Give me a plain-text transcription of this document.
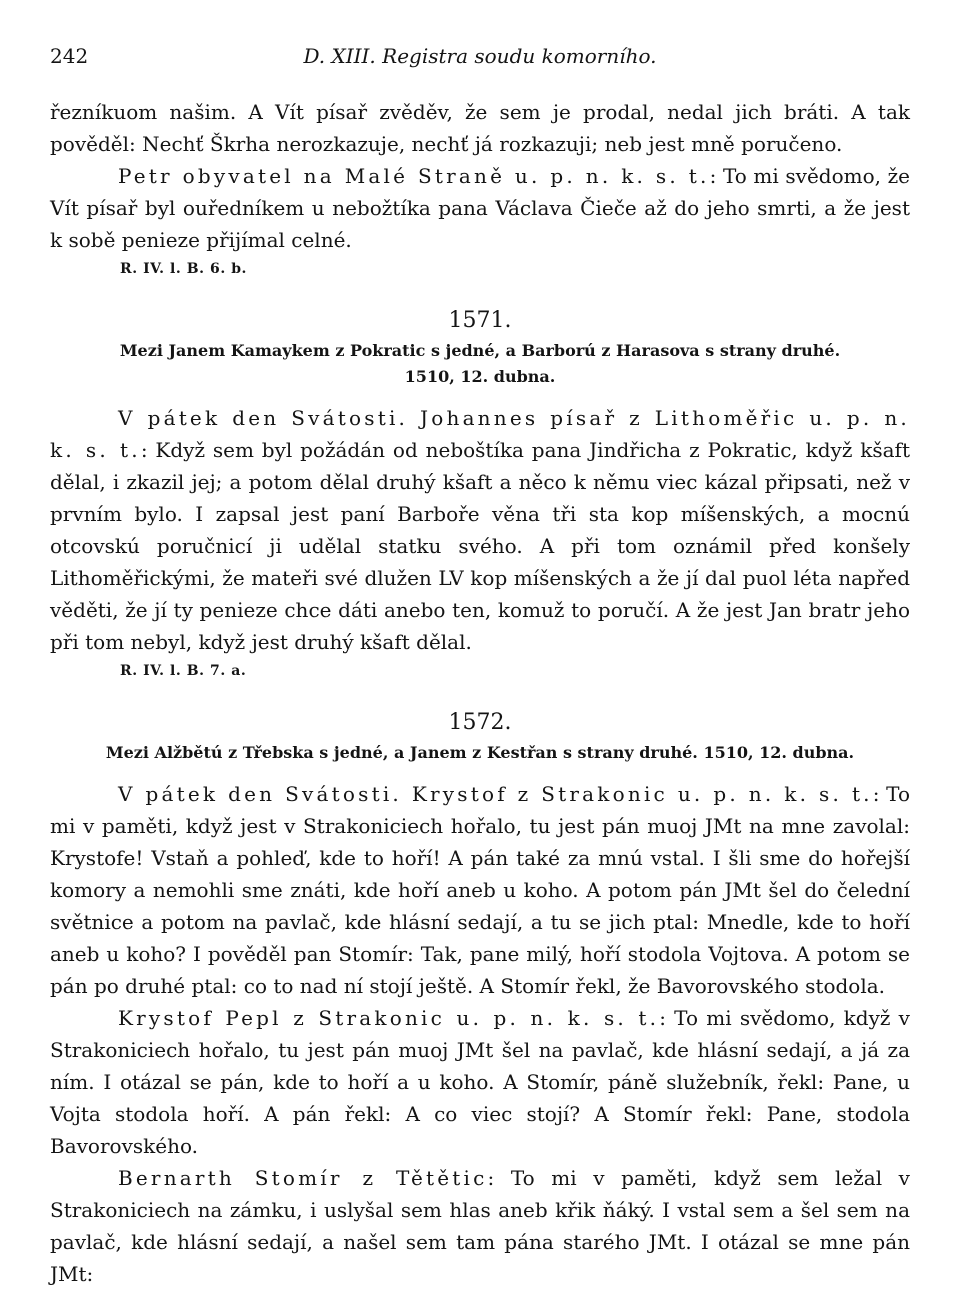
242	D. XIII. Registra soudu komorního.

řezníkuom našim. A Vít písař zvěděv, že sem je prodal, nedal jich bráti. A tak pověděl: Nechť Škrha nerozkazuje, nechť já rozkazuji; neb jest mně poručeno.

Petr obyvatel na Malé Straně u. p. n. k. s. t.: To mi svědomo, že Vít písař byl ouředníkem u nebožtíka pana Václava Čieče až do jeho smrti, a že jest k sobě penieze přijímal celné.

R. IV. l. B. 6. b.

1571.

Mezi Janem Kamaykem z Pokratic s jedné, a Barború z Harasova s strany druhé.

1510, 12. dubna.

V pátek den Svátosti. Johannes písař z Lithoměřic u. p. n. k. s. t.: Když sem byl požádán od neboštíka pana Jindřicha z Pokratic, když kšaft dělal, i zkazil jej; a potom dělal druhý kšaft a něco k němu viec kázal připsati, než v prvním bylo. I zapsal jest paní Barboře věna tři sta kop míšenských, a mocnú otcovskú poručnicí ji udělal statku svého. A při tom oznámil před konšely Lithoměřickými, že mateři své dlužen LV kop míšenských a že jí dal puol léta napřed věděti, že jí ty penieze chce dáti anebo ten, komuž to poručí. A že jest Jan bratr jeho při tom nebyl, když jest druhý kšaft dělal.

R. IV. l. B. 7. a.

1572.

Mezi Alžbětú z Třebska s jedné, a Janem z Kestřan s strany druhé. 1510, 12. dubna.

V pátek den Svátosti. Krystof z Strakonic u. p. n. k. s. t.: To mi v paměti, když jest v Strakoniciech hořalo, tu jest pán muoj JMt na mne zavolal: Krystofe! Vstaň a pohleď, kde to hoří! A pán také za mnú vstal. I šli sme do hořejší komory a nemohli sme znáti, kde hoří aneb u koho. A potom pán JMt šel do čelední světnice a potom na pavlač, kde hlásní sedají, a tu se jich ptal: Mnedle, kde to hoří aneb u koho? I pověděl pan Stomír: Tak, pane milý, hoří stodola Vojtova. A potom se pán po druhé ptal: co to nad ní stojí ještě. A Stomír řekl, že Bavorovského stodola.

Krystof Pepl z Strakonic u. p. n. k. s. t.: To mi svědomo, když v Strakoniciech hořalo, tu jest pán muoj JMt šel na pavlač, kde hlásní sedají, a já za ním. I otázal se pán, kde to hoří a u koho. A Stomír, páně služebník, řekl: Pane, u Vojta stodola hoří. A pán řekl: A co viec stojí? A Stomír řekl: Pane, stodola Bavorovského.

Bernarth Stomír z Tětětic: To mi v paměti, když sem ležal v Strakoniciech na zámku, i uslyšal sem hlas aneb křik ňáký. I vstal sem a šel sem na pavlač, kde hlásní sedají, a našel sem tam pána starého JMt. I otázal se mne pán JMt:
